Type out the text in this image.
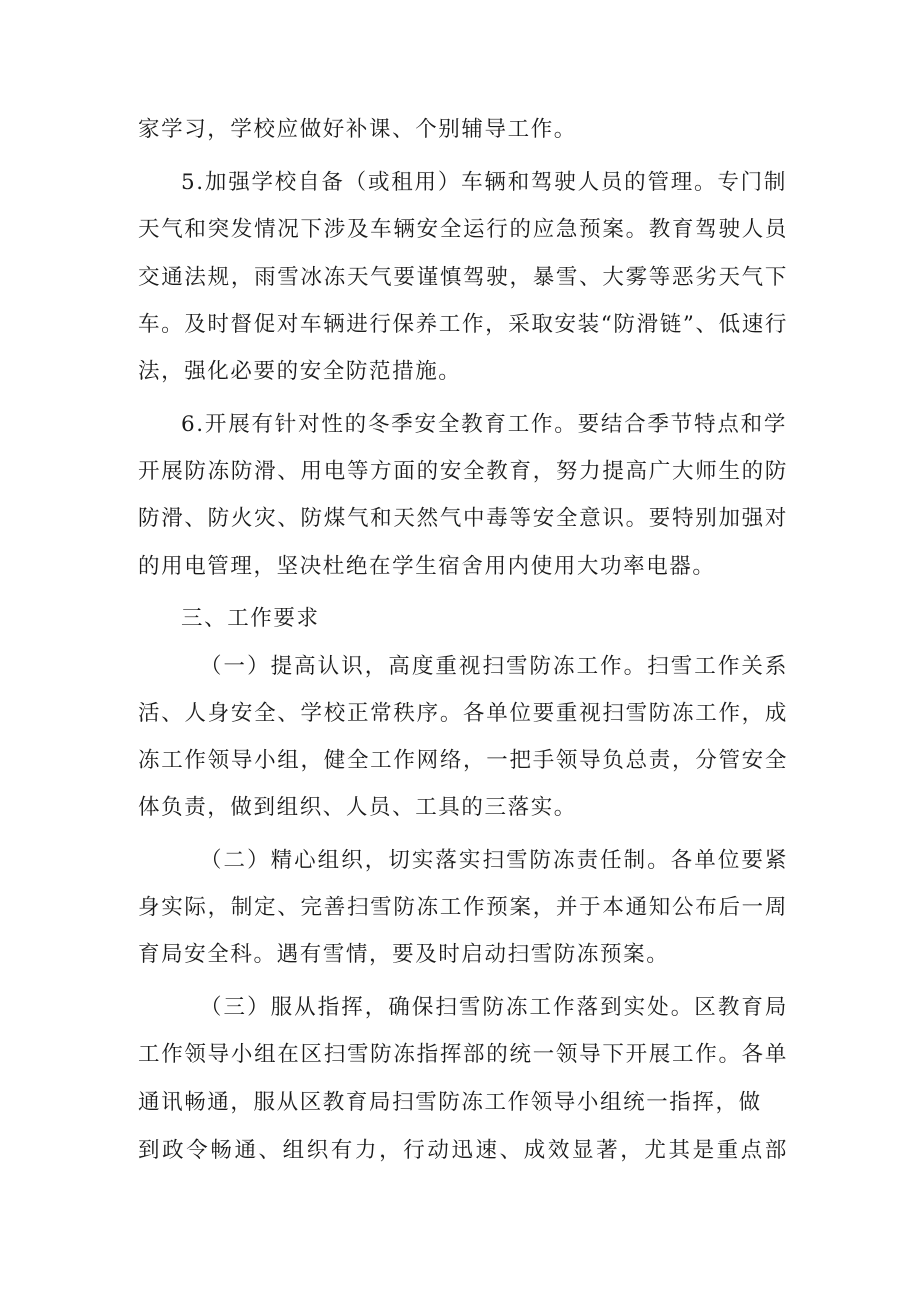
家学习，学校应做好补课、个别辅导工作。
5.加强学校自备（或租用）车辆和驾驶人员的管理。专门制
天气和突发情况下涉及车辆安全运行的应急预案。教育驾驶人员
交通法规，雨雪冰冻天气要谨慎驾驶，暴雪、大雾等恶劣天气下
车。及时督促对车辆进行保养工作，采取安装“防滑链”、低速行
法，强化必要的安全防范措施。
6.开展有针对性的冬季安全教育工作。要结合季节特点和学
开展防冻防滑、用电等方面的安全教育，努力提高广大师生的防
防滑、防火灾、防煤气和天然气中毒等安全意识。要特别加强对
的用电管理，坚决杜绝在学生宿舍用内使用大功率电器。
三、工作要求
（一）提高认识，高度重视扫雪防冻工作。扫雪工作关系
活、人身安全、学校正常秩序。各单位要重视扫雪防冻工作，成
冻工作领导小组，健全工作网络，一把手领导负总责，分管安全
体负责，做到组织、人员、工具的三落实。
（二）精心组织，切实落实扫雪防冻责任制。各单位要紧
身实际，制定、完善扫雪防冻工作预案，并于本通知公布后一周
育局安全科。遇有雪情，要及时启动扫雪防冻预案。
（三）服从指挥，确保扫雪防冻工作落到实处。区教育局
工作领导小组在区扫雪防冻指挥部的统一领导下开展工作。各单
通讯畅通，服从区教育局扫雪防冻工作领导小组统一指挥，做
到政令畅通、组织有力，行动迅速、成效显著，尤其是重点部
